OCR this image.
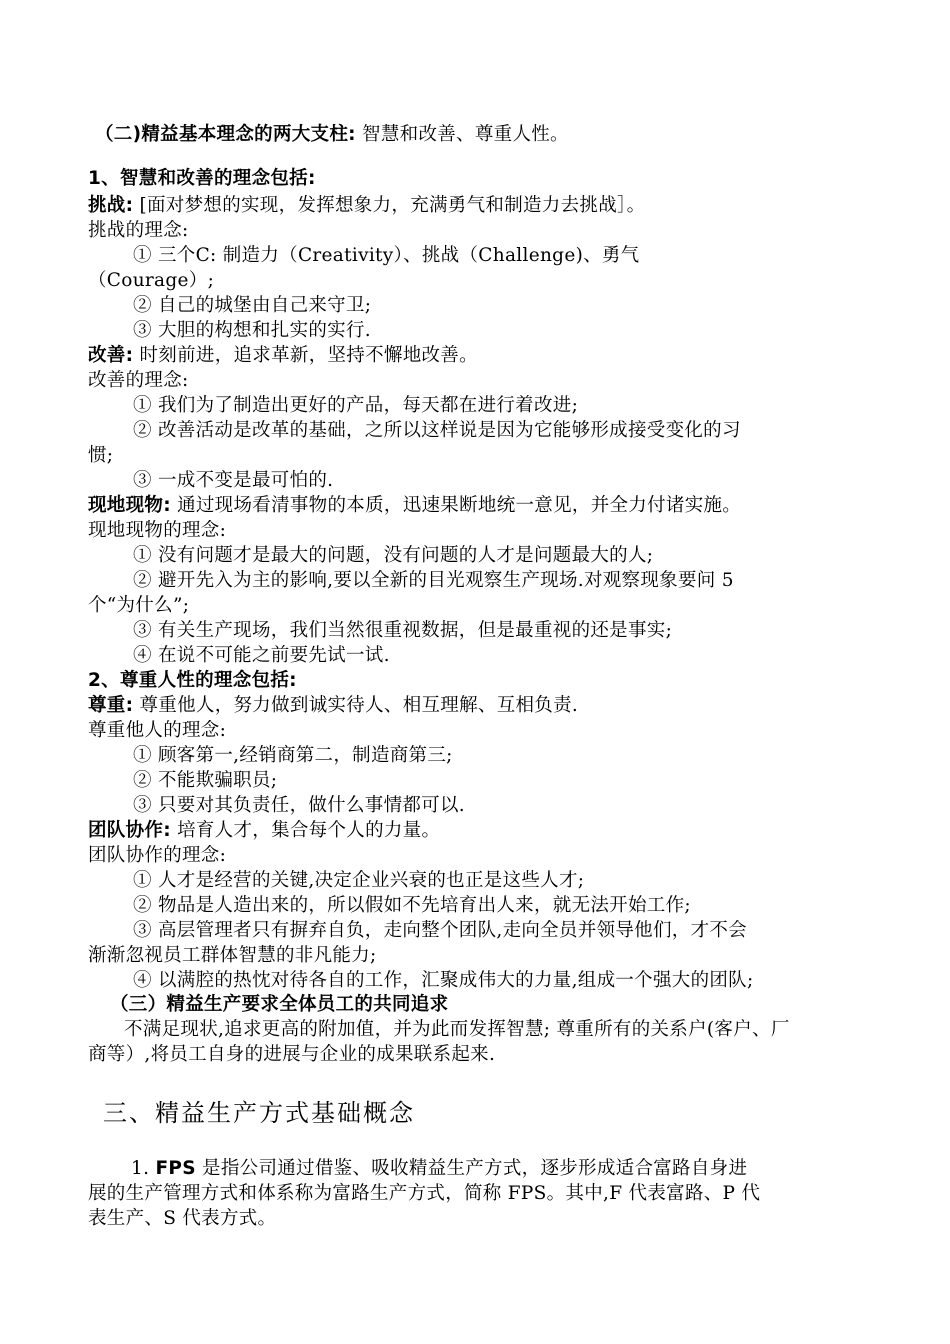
（二)精益基本理念的两大支柱: 智慧和改善、尊重人性。
1、智慧和改善的理念包括:
挑战: [面对梦想的实现，发挥想象力，充满勇气和制造力去挑战］。
挑战的理念:
① 三个C: 制造力（Creativity）、挑战（Challenge)、勇气
（Courage）;
② 自己的城堡由自己来守卫;
③ 大胆的构想和扎实的实行.
改善: 时刻前进，追求革新，坚持不懈地改善。
改善的理念:
① 我们为了制造出更好的产品，每天都在进行着改进;
② 改善活动是改革的基础，之所以这样说是因为它能够形成接受变化的习
惯;
③ 一成不变是最可怕的.
现地现物: 通过现场看清事物的本质，迅速果断地统一意见，并全力付诸实施。
现地现物的理念:
① 没有问题才是最大的问题，没有问题的人才是问题最大的人;
② 避开先入为主的影响,要以全新的目光观察生产现场.对观察现象要问 5
个“为什么”;
③ 有关生产现场，我们当然很重视数据，但是最重视的还是事实;
④ 在说不可能之前要先试一试.
2、尊重人性的理念包括:
尊重: 尊重他人，努力做到诚实待人、相互理解、互相负责.
尊重他人的理念:
① 顾客第一,经销商第二，制造商第三;
② 不能欺骗职员;
③ 只要对其负责任，做什么事情都可以.
团队协作: 培育人才，集合每个人的力量。
团队协作的理念:
① 人才是经营的关键,决定企业兴衰的也正是这些人才;
② 物品是人造出来的，所以假如不先培育出人来，就无法开始工作;
③ 高层管理者只有摒弃自负，走向整个团队,走向全员并领导他们，才不会
渐渐忽视员工群体智慧的非凡能力;
④ 以满腔的热忱对待各自的工作，汇聚成伟大的力量,组成一个强大的团队;
（三）精益生产要求全体员工的共同追求
不满足现状,追求更高的附加值，并为此而发挥智慧; 尊重所有的关系户(客户、厂
商等）,将员工自身的进展与企业的成果联系起来.
三、精益生产方式基础概念
1. FPS 是指公司通过借鉴、吸收精益生产方式，逐步形成适合富路自身进
展的生产管理方式和体系称为富路生产方式，简称 FPS。其中,F 代表富路、P 代
表生产、S 代表方式。
